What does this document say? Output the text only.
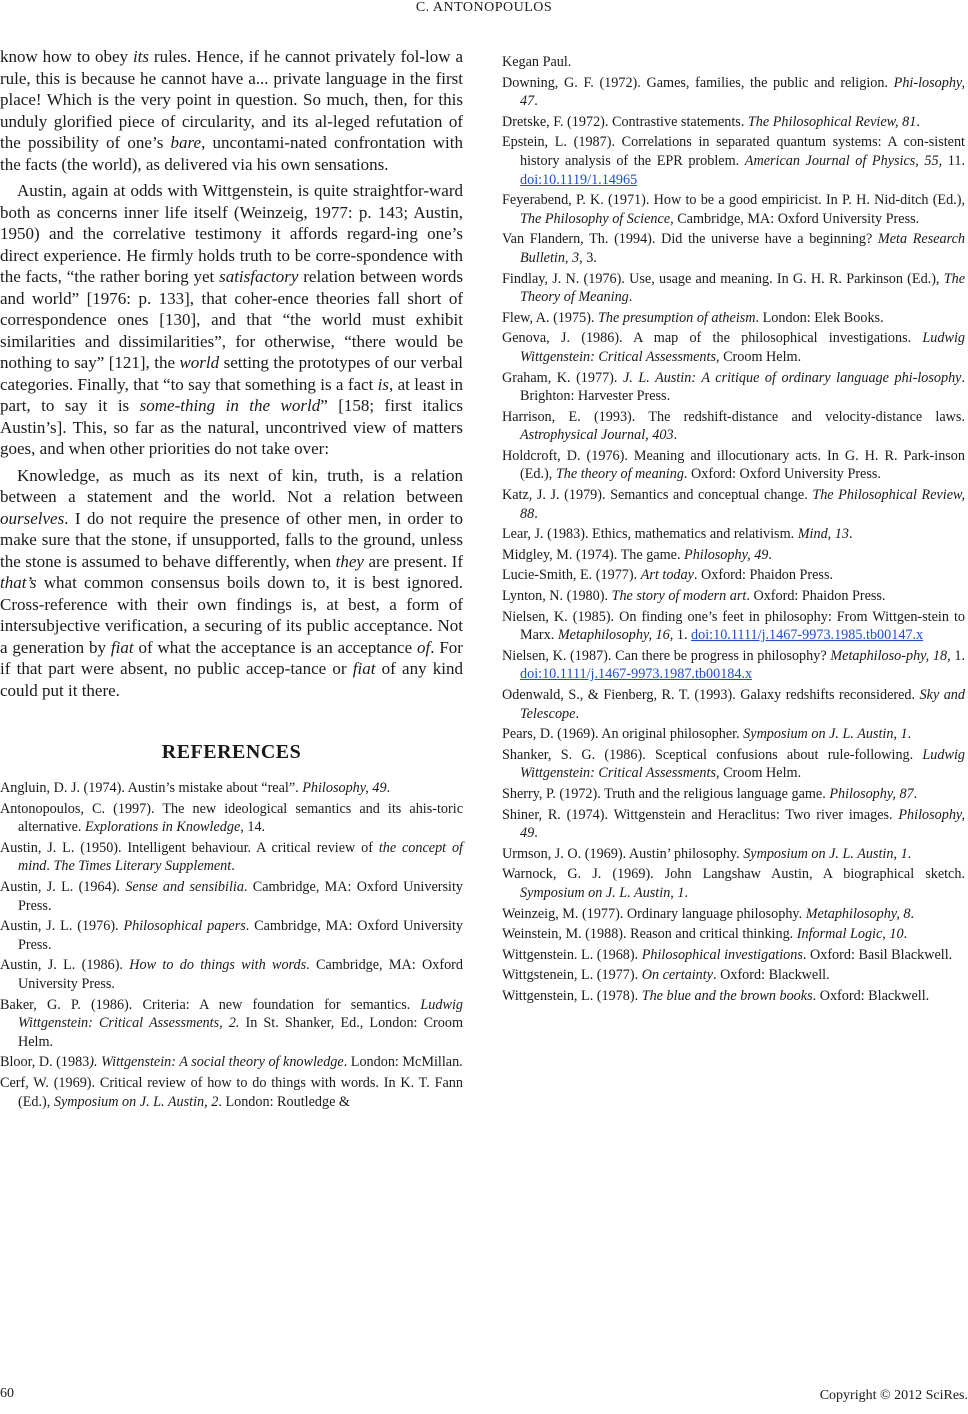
C. ANTONOPOULOS

know how to obey its rules. Hence, if he cannot privately fol-low a rule, this is because he cannot have a... private language in the first place! Which is the very point in question. So much, then, for this unduly glorified piece of circularity, and its al-leged refutation of the possibility of one’s bare, uncontami-nated confrontation with the facts (the world), as delivered via his own sensations.

Austin, again at odds with Wittgenstein, is quite straightfor-ward both as concerns inner life itself (Weinzeig, 1977: p. 143; Austin, 1950) and the correlative testimony it affords regard-ing one’s direct experience. He firmly holds truth to be corre-spondence with the facts, “the rather boring yet satisfactory relation between words and world” [1976: p. 133], that coher-ence theories fall short of correspondence ones [130], and that “the world must exhibit similarities and dissimilarities”, for otherwise, “there would be nothing to say” [121], the world setting the prototypes of our verbal categories. Finally, that “to say that something is a fact is, at least in part, to say it is some-thing in the world” [158; first italics Austin’s]. This, so far as the natural, uncontrived view of matters goes, and when other priorities do not take over:

Knowledge, as much as its next of kin, truth, is a relation between a statement and the world. Not a relation between ourselves. I do not require the presence of other men, in order to make sure that the stone, if unsupported, falls to the ground, unless the stone is assumed to behave differently, when they are present. If that’s what common consensus boils down to, it is best ignored. Cross-reference with their own findings is, at best, a form of intersubjective verification, a securing of its public acceptance. Not a generation by fiat of what the acceptance is an acceptance of. For if that part were absent, no public accep-tance or fiat of any kind could put it there.

REFERENCES
Angluin, D. J. (1974). Austin’s mistake about “real”. Philosophy, 49.
Antonopoulos, C. (1997). The new ideological semantics and its ahis-toric alternative. Explorations in Knowledge, 14.
Austin, J. L. (1950). Intelligent behaviour. A critical review of the concept of mind. The Times Literary Supplement.
Austin, J. L. (1964). Sense and sensibilia. Cambridge, MA: Oxford University Press.
Austin, J. L. (1976). Philosophical papers. Cambridge, MA: Oxford University Press.
Austin, J. L. (1986). How to do things with words. Cambridge, MA: Oxford University Press.
Baker, G. P. (1986). Criteria: A new foundation for semantics. Ludwig Wittgenstein: Critical Assessments, 2. In St. Shanker, Ed., London: Croom Helm.
Bloor, D. (1983). Wittgenstein: A social theory of knowledge. London: McMillan.
Cerf, W. (1969). Critical review of how to do things with words. In K. T. Fann (Ed.), Symposium on J. L. Austin, 2. London: Routledge &
Kegan Paul.
Downing, G. F. (1972). Games, families, the public and religion. Phi-losophy, 47.
Dretske, F. (1972). Contrastive statements. The Philosophical Review, 81.
Epstein, L. (1987). Correlations in separated quantum systems: A con-sistent history analysis of the EPR problem. American Journal of Physics, 55, 11. doi:10.1119/1.14965
Feyerabend, P. K. (1971). How to be a good empiricist. In P. H. Nid-ditch (Ed.), The Philosophy of Science, Cambridge, MA: Oxford University Press.
Van Flandern, Th. (1994). Did the universe have a beginning? Meta Research Bulletin, 3, 3.
Findlay, J. N. (1976). Use, usage and meaning. In G. H. R. Parkinson (Ed.), The Theory of Meaning.
Flew, A. (1975). The presumption of atheism. London: Elek Books.
Genova, J. (1986). A map of the philosophical investigations. Ludwig Wittgenstein: Critical Assessments, Croom Helm.
Graham, K. (1977). J. L. Austin: A critique of ordinary language phi-losophy. Brighton: Harvester Press.
Harrison, E. (1993). The redshift-distance and velocity-distance laws. Astrophysical Journal, 403.
Holdcroft, D. (1976). Meaning and illocutionary acts. In G. H. R. Park-inson (Ed.), The theory of meaning. Oxford: Oxford University Press.
Katz, J. J. (1979). Semantics and conceptual change. The Philosophical Review, 88.
Lear, J. (1983). Ethics, mathematics and relativism. Mind, 13.
Midgley, M. (1974). The game. Philosophy, 49.
Lucie-Smith, E. (1977). Art today. Oxford: Phaidon Press.
Lynton, N. (1980). The story of modern art. Oxford: Phaidon Press.
Nielsen, K. (1985). On finding one’s feet in philosophy: From Wittgen-stein to Marx. Metaphilosophy, 16, 1. doi:10.1111/j.1467-9973.1985.tb00147.x
Nielsen, K. (1987). Can there be progress in philosophy? Metaphiloso-phy, 18, 1. doi:10.1111/j.1467-9973.1987.tb00184.x
Odenwald, S., & Fienberg, R. T. (1993). Galaxy redshifts reconsidered. Sky and Telescope.
Pears, D. (1969). An original philosopher. Symposium on J. L. Austin, 1.
Shanker, S. G. (1986). Sceptical confusions about rule-following. Ludwig Wittgenstein: Critical Assessments, Croom Helm.
Sherry, P. (1972). Truth and the religious language game. Philosophy, 87.
Shiner, R. (1974). Wittgenstein and Heraclitus: Two river images. Philosophy, 49.
Urmson, J. O. (1969). Austin’ philosophy. Symposium on J. L. Austin, 1.
Warnock, G. J. (1969). John Langshaw Austin, A biographical sketch. Symposium on J. L. Austin, 1.
Weinzeig, M. (1977). Ordinary language philosophy. Metaphilosophy, 8.
Weinstein, M. (1988). Reason and critical thinking. Informal Logic, 10.
Wittgenstein. L. (1968). Philosophical investigations. Oxford: Basil Blackwell.
Wittgstenein, L. (1977). On certainty. Oxford: Blackwell.
Wittgenstein, L. (1978). The blue and the brown books. Oxford: Blackwell.
60	Copyright © 2012 SciRes.
